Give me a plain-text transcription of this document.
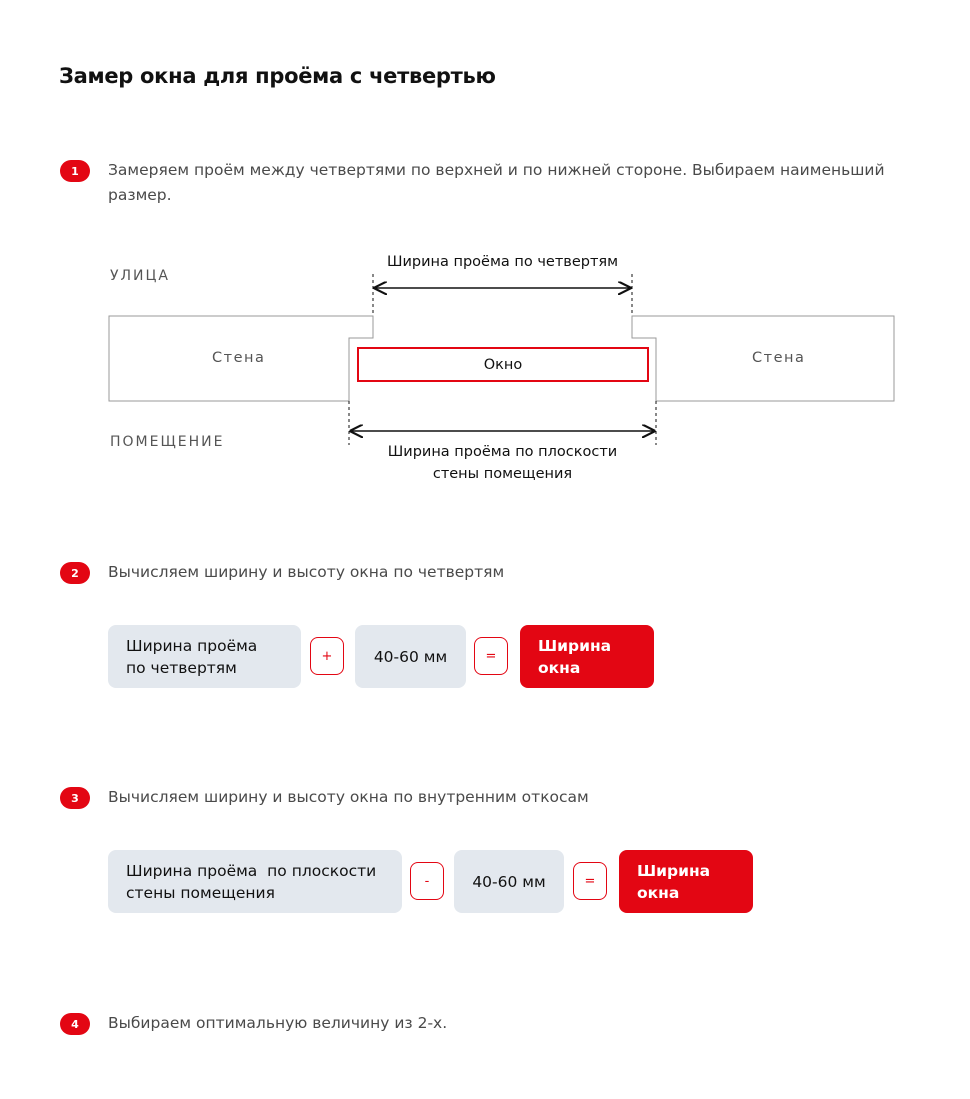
Замер окна для проёма с четвертью
1	Замеряем проём между четвертями по верхней и по нижней стороне. Выбираем наименьший размер.
УЛИЦА
ПОМЕЩЕНИЕ
Стена	Стена
Окно
Ширина проёма по четвертям
Ширина проёма по плоскости
стены помещения
2	Вычисляем ширину и высоту окна по четвертям
Ширина проёма
по четвертям
+	40-60 мм	=
Ширина
окна
3	Вычисляем ширину и высоту окна по внутренним откосам
Ширина проёма  по плоскости
стены помещения
-	40-60 мм	=
Ширина
окна
4	Выбираем оптимальную величину из 2-х.
